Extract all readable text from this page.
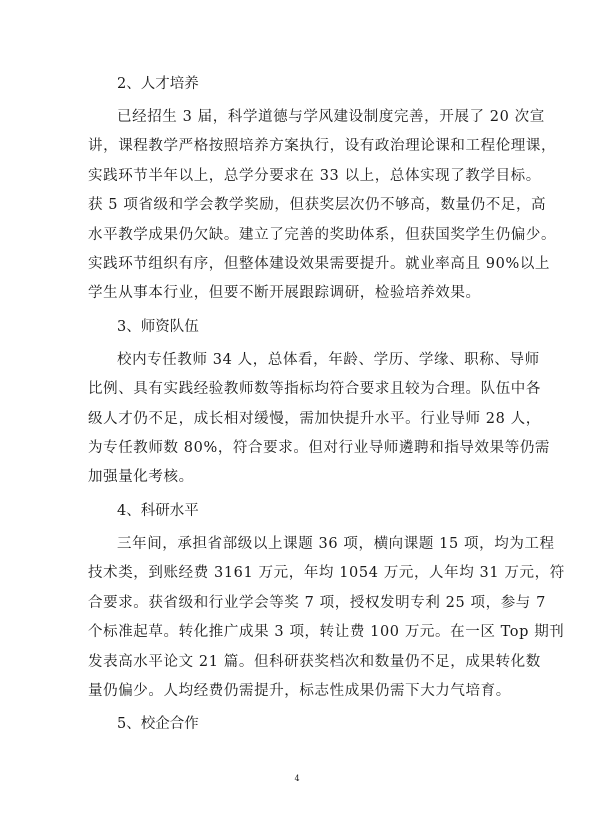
2、人才培养
已经招生 3 届，科学道德与学风建设制度完善，开展了 20 次宣
讲，课程教学严格按照培养方案执行，设有政治理论课和工程伦理课，
实践环节半年以上，总学分要求在 33 以上，总体实现了教学目标。
获 5 项省级和学会教学奖励，但获奖层次仍不够高，数量仍不足，高
水平教学成果仍欠缺。建立了完善的奖助体系，但获国奖学生仍偏少。
实践环节组织有序，但整体建设效果需要提升。就业率高且 90%以上
学生从事本行业，但要不断开展跟踪调研，检验培养效果。
3、师资队伍
校内专任教师 34 人，总体看，年龄、学历、学缘、职称、导师
比例、具有实践经验教师数等指标均符合要求且较为合理。队伍中各
级人才仍不足，成长相对缓慢，需加快提升水平。行业导师 28 人，
为专任教师数 80%，符合要求。但对行业导师遴聘和指导效果等仍需
加强量化考核。
4、科研水平
三年间，承担省部级以上课题 36 项，横向课题 15 项，均为工程
技术类，到账经费 3161 万元，年均 1054 万元，人年均 31 万元，符
合要求。获省级和行业学会等奖 7 项，授权发明专利 25 项，参与 7
个标准起草。转化推广成果 3 项，转让费 100 万元。在一区 Top 期刊
发表高水平论文 21 篇。但科研获奖档次和数量仍不足，成果转化数
量仍偏少。人均经费仍需提升，标志性成果仍需下大力气培育。
5、校企合作
4
